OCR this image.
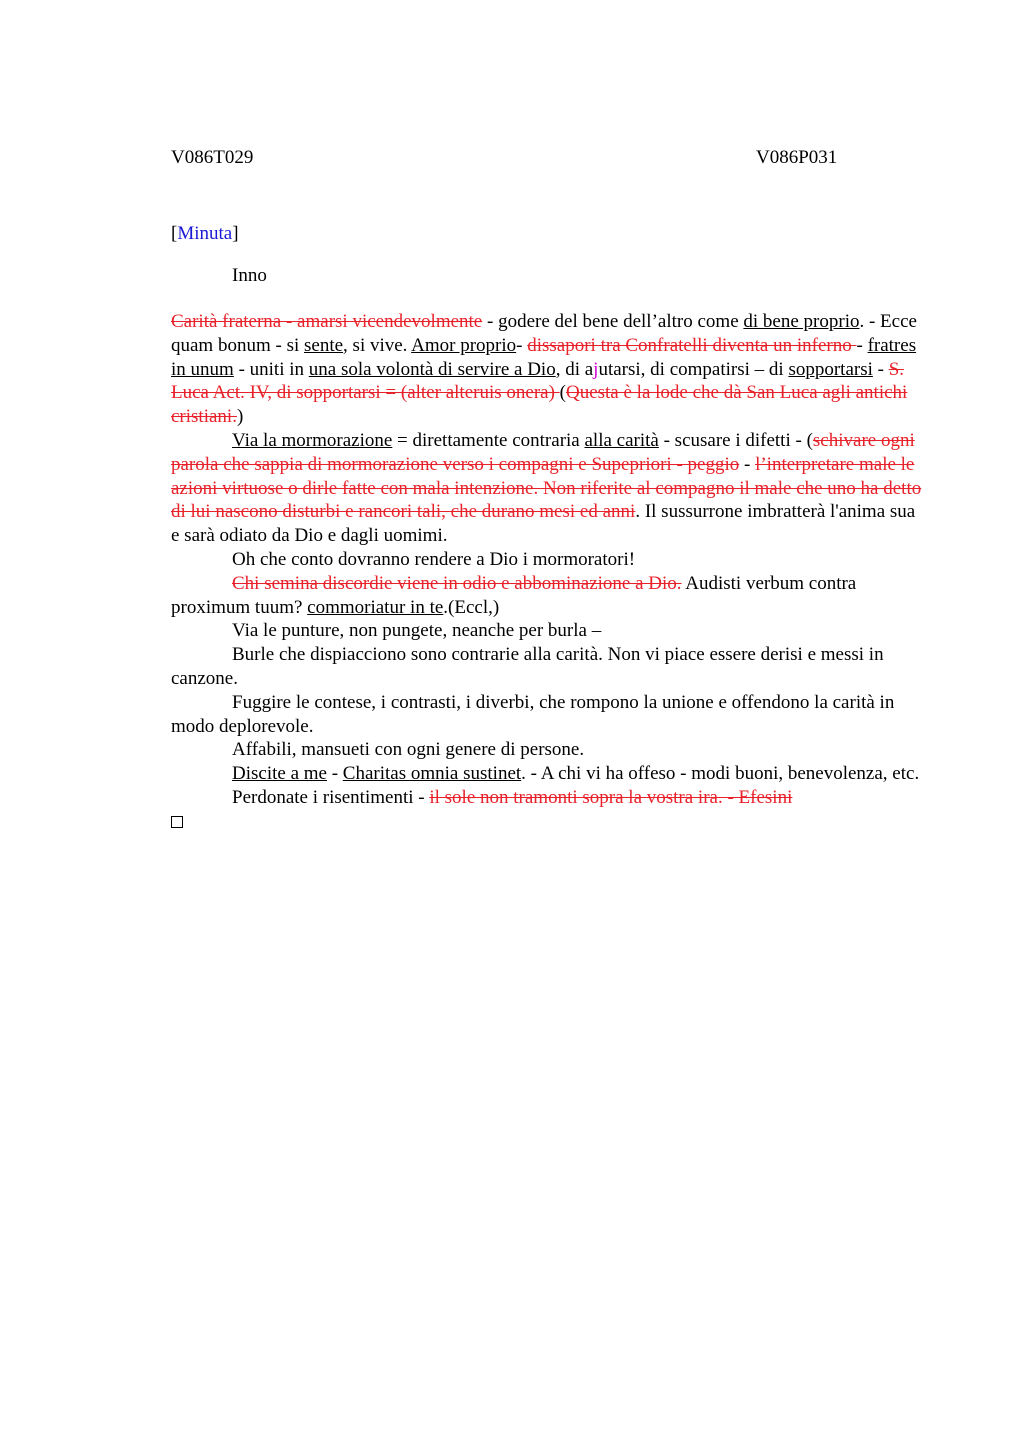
V086T029	V086P031
[Minuta]
Inno

Carità fraterna - amarsi vicendevolmente - godere del bene dell’altro come di bene proprio. - Ecce quam bonum - si sente, si vive. Amor proprio- dissapori tra Confratelli diventa un inferno - fratres in unum - uniti in una sola volontà di servire a Dio, di ajutarsi, di compatirsi – di sopportarsi - S. Luca Act. IV, di sopportarsi = (alter alteruis onera) (Questa è la lode che dà San Luca agli antichi cristiani.)

Via la mormorazione = direttamente contraria alla carità - scusare i difetti - (schivare ogni parola che sappia di mormorazione verso i compagni e Supepriori - peggio - l’interpretare male le azioni virtuose o dirle fatte con mala intenzione. Non riferite al compagno il male che uno ha detto di lui nascono disturbi e rancori tali, che durano mesi ed anni. Il sussurrone imbratterà l'anima sua e sarà odiato da Dio e dagli uomimi.

Oh che conto dovranno rendere a Dio i mormoratori!

Chi semina discordie viene in odio e abbominazione a Dio. Audisti verbum contra proximum tuum? commoriatur in te.(Eccl,)

Via le punture, non pungete, neanche per burla –

Burle che dispiacciono sono contrarie alla carità. Non vi piace essere derisi e messi in canzone.

Fuggire le contese, i contrasti, i diverbi, che rompono la unione e offendono la carità in modo deplorevole.

Affabili, mansueti con ogni genere di persone.

Discite a me - Charitas omnia sustinet. - A chi vi ha offeso - modi buoni, benevolenza, etc.

Perdonate i risentimenti - il sole non tramonti sopra la vostra ira. - Efesini
